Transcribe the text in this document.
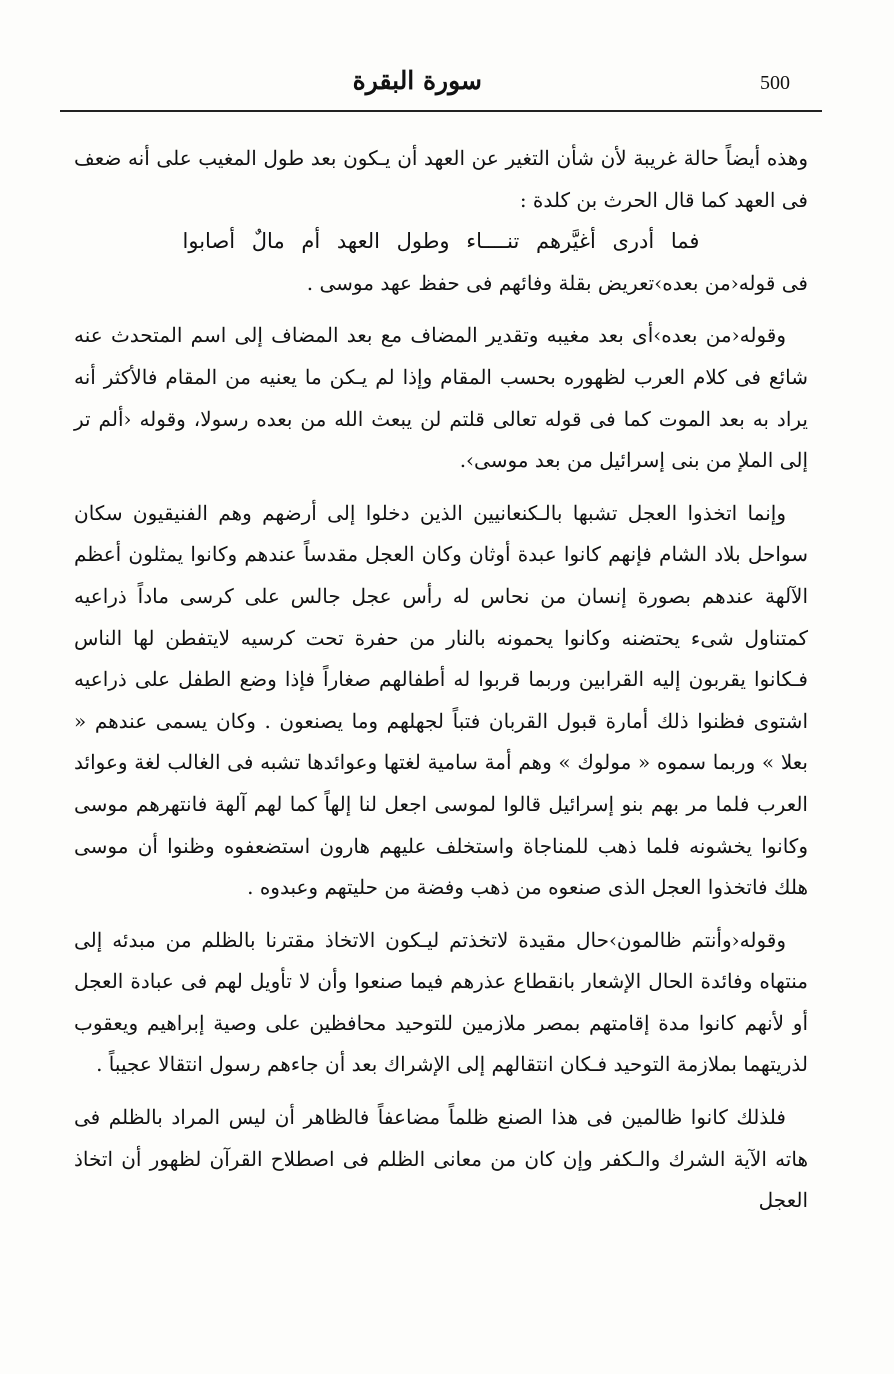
سورة البقرة	500

وهذه أيضاً حالة غريبة لأن شأن التغير عن العهد أن يـكون بعد طول المغيب على أنه ضعف فى العهد كما قال الحرث بن كلدة :

فما أدرى أغيَّرهم تنــــاء وطول العهد أم مالٌ أصابوا

فى قوله‹من بعده›تعريض بقلة وفائهم فى حفظ عهد موسى .

وقوله‹من بعده›أى بعد مغيبه وتقدير المضاف مع بعد المضاف إلى اسم المتحدث عنه شائع فى كلام العرب لظهوره بحسب المقام وإذا لم يـكن ما يعنيه من المقام فالأكثر أنه يراد به بعد الموت كما فى قوله تعالى قلتم لن يبعث الله من بعده رسولا، وقوله ‹ألم تر إلى الملإ من بنى إسرائيل من بعد موسى›.

وإنما اتخذوا العجل تشبها بالـكنعانيين الذين دخلوا إلى أرضهم وهم الفنيقيون سكان سواحل بلاد الشام فإنهم كانوا عبدة أوثان وكان العجل مقدساً عندهم وكانوا يمثلون أعظم الآلهة عندهم بصورة إنسان من نحاس له رأس عجل جالس على كرسى ماداً ذراعيه كمتناول شىء يحتضنه وكانوا يحمونه بالنار من حفرة تحت كرسيه لايتفطن لها الناس فـكانوا يقربون إليه القرابين وربما قربوا له أطفالهم صغاراً فإذا وضع الطفل على ذراعيه اشتوى فظنوا ذلك أمارة قبول القربان فتباً لجهلهم وما يصنعون . وكان يسمى عندهم « بعلا » وربما سموه « مولوك » وهم أمة سامية لغتها وعوائدها تشبه فى الغالب لغة وعوائد العرب فلما مر بهم بنو إسرائيل قالوا لموسى اجعل لنا إلهاً كما لهم آلهة فانتهرهم موسى وكانوا يخشونه فلما ذهب للمناجاة واستخلف عليهم هارون استضعفوه وظنوا أن موسى هلك فاتخذوا العجل الذى صنعوه من ذهب وفضة من حليتهم وعبدوه .

وقوله‹وأنتم ظالمون›حال مقيدة لاتخذتم ليـكون الاتخاذ مقترنا بالظلم من مبدئه إلى منتهاه وفائدة الحال الإشعار بانقطاع عذرهم فيما صنعوا وأن لا تأويل لهم فى عبادة العجل أو لأنهم كانوا مدة إقامتهم بمصر ملازمين للتوحيد محافظين على وصية إبراهيم ويعقوب لذريتهما بملازمة التوحيد فـكان انتقالهم إلى الإشراك بعد أن جاءهم رسول انتقالا عجيباً .

فلذلك كانوا ظالمين فى هذا الصنع ظلماً مضاعفاً فالظاهر أن ليس المراد بالظلم فى هاته الآية الشرك والـكفر وإن كان من معانى الظلم فى اصطلاح القرآن لظهور أن اتخاذ العجل
